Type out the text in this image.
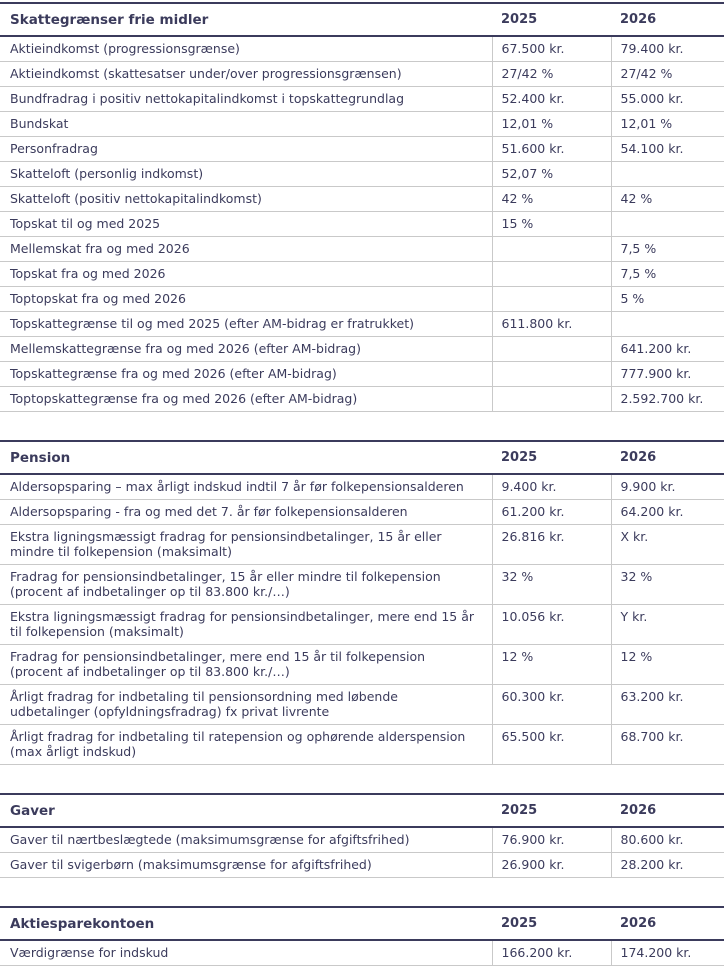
Skattegrænser frie midler	2025	2026
Aktieindkomst (progressionsgrænse)	67.500 kr.	79.400 kr.
Aktieindkomst (skattesatser under/over progressionsgrænsen)	27/42 %	27/42 %
Bundfradrag i positiv nettokapitalindkomst i topskattegrundlag	52.400 kr.	55.000 kr.
Bundskat	12,01 %	12,01 %
Personfradrag	51.600 kr.	54.100 kr.
Skatteloft (personlig indkomst)	52,07 %	
Skatteloft (positiv nettokapitalindkomst)	42 %	42 %
Topskat til og med 2025	15 %	
Mellemskat fra og med 2026		7,5 %
Topskat fra og med 2026		7,5 %
Toptopskat fra og med 2026		5 %
Topskattegrænse til og med 2025 (efter AM-bidrag er fratrukket)	611.800 kr.	
Mellemskattegrænse fra og med 2026 (efter AM-bidrag)		641.200 kr.
Topskattegrænse fra og med 2026 (efter AM-bidrag)		777.900 kr.
Toptopskattegrænse fra og med 2026 (efter AM-bidrag)		2.592.700 kr.
Pension	2025	2026
Aldersopsparing – max årligt indskud indtil 7 år før folkepensionsalderen	9.400 kr.	9.900 kr.
Aldersopsparing - fra og med det 7. år før folkepensionsalderen	61.200 kr.	64.200 kr.
Ekstra ligningsmæssigt fradrag for pensionsindbetalinger, 15 år eller mindre til folkepension (maksimalt)	26.816 kr.	X kr.
Fradrag for pensionsindbetalinger, 15 år eller mindre til folkepension (procent af indbetalinger op til 83.800 kr./…)	32 %	32 %
Ekstra ligningsmæssigt fradrag for pensionsindbetalinger, mere end 15 år til folkepension (maksimalt)	10.056 kr.	Y kr.
Fradrag for pensionsindbetalinger, mere end 15 år til folkepension (procent af indbetalinger op til 83.800 kr./…)	12 %	12 %
Årligt fradrag for indbetaling til pensionsordning med løbende udbetalinger (opfyldningsfradrag) fx privat livrente	60.300 kr.	63.200 kr.
Årligt fradrag for indbetaling til ratepension og ophørende alderspension (max årligt indskud)	65.500 kr.	68.700 kr.
Gaver	2025	2026
Gaver til nærtbeslægtede (maksimumsgrænse for afgiftsfrihed)	76.900 kr.	80.600 kr.
Gaver til svigerbørn (maksimumsgrænse for afgiftsfrihed)	26.900 kr.	28.200 kr.
Aktiesparekontoen	2025	2026
Værdigrænse for indskud	166.200 kr.	174.200 kr.
